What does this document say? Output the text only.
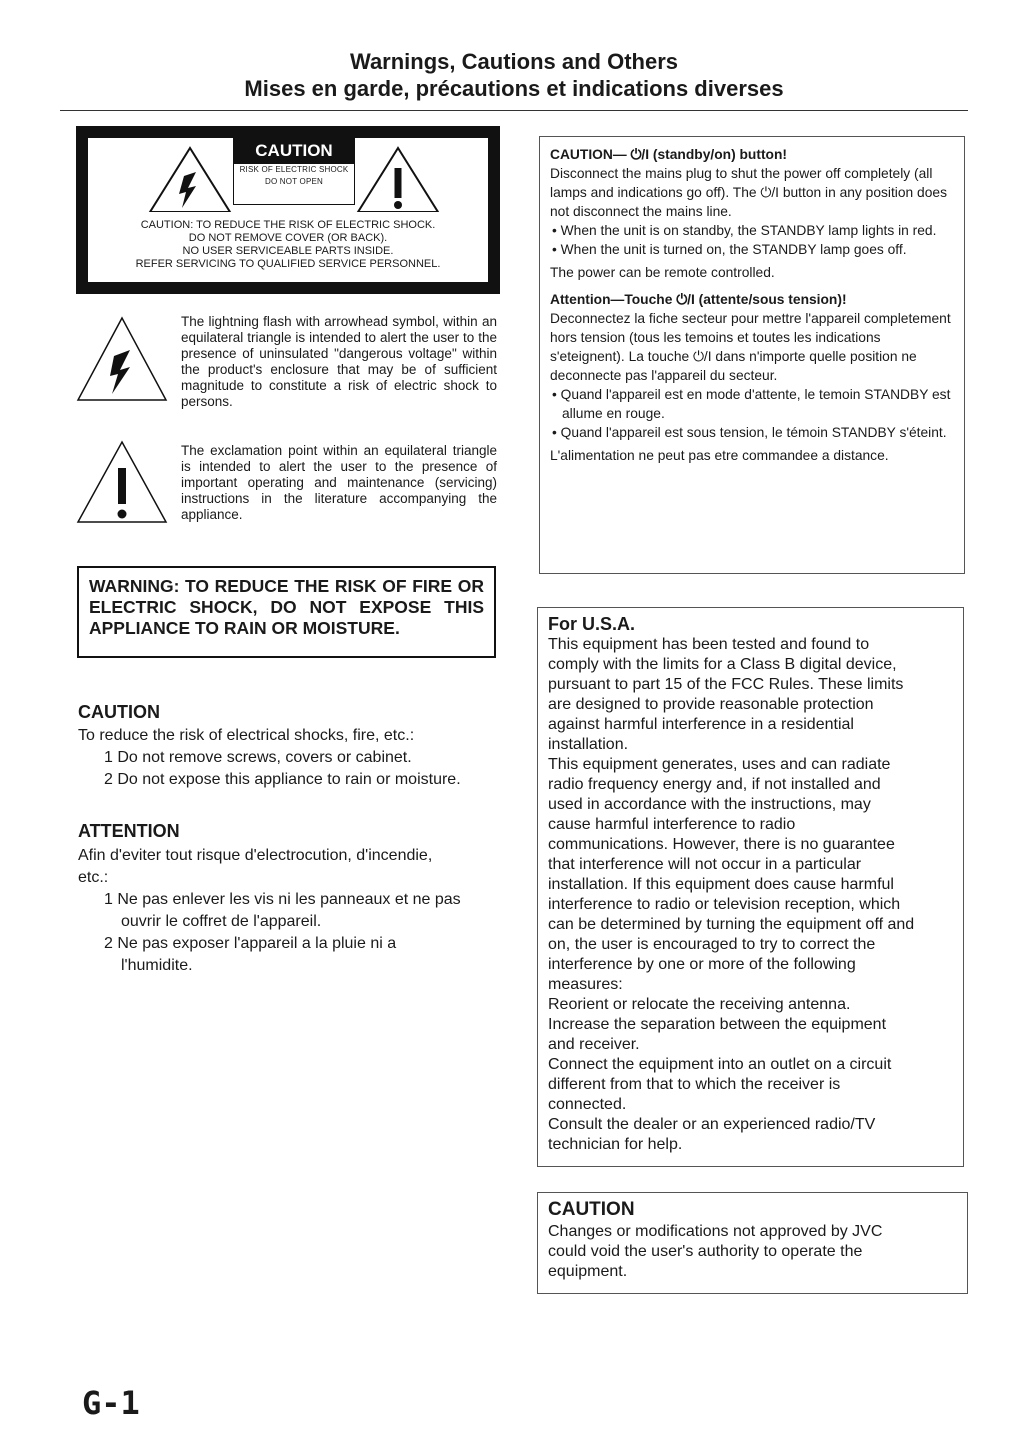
Warnings, Cautions and Others
Mises en garde, précautions et indications diverses
CAUTION
RISK OF ELECTRIC SHOCK
DO NOT OPEN
CAUTION: TO REDUCE THE RISK OF ELECTRIC SHOCK.
DO NOT REMOVE COVER (OR BACK).
NO USER SERVICEABLE PARTS INSIDE.
REFER SERVICING TO QUALIFIED SERVICE PERSONNEL.
The lightning flash with arrowhead symbol, within an equilateral triangle is intended to alert the user to the presence of uninsulated "dangerous voltage" within the product's enclosure that may be of sufficient magnitude to constitute a risk of electric shock to persons.
The exclamation point within an equilateral triangle is intended to alert the user to the presence of important operating and maintenance (servicing) instructions in the literature accompanying the appliance.
WARNING: TO REDUCE THE RISK OF FIRE OR ELECTRIC SHOCK, DO NOT EXPOSE THIS APPLIANCE TO RAIN OR MOISTURE.
CAUTION
To reduce the risk of electrical shocks, fire, etc.:
1 Do not remove screws, covers or cabinet.
2 Do not expose this appliance to rain or moisture.
ATTENTION
Afin d'eviter tout risque d'electrocution, d'incendie,
etc.:
1 Ne pas enlever les vis ni les panneaux et ne pas
ouvrir le coffret de l'appareil.
2 Ne pas exposer l'appareil a la pluie ni a
l'humidite.
CAUTION— ⏻/I (standby/on) button!
Disconnect the mains plug to shut the power off completely (all lamps and indications go off). The ⏻/I button in any position does not disconnect the mains line.
• When the unit is on standby, the STANDBY lamp lights in red.
• When the unit is turned on, the STANDBY lamp goes off.
The power can be remote controlled.
Attention—Touche ⏻/I (attente/sous tension)!
Deconnectez la fiche secteur pour mettre l'appareil completement hors tension (tous les temoins et toutes les indications s'eteignent). La touche ⏻/I dans n'importe quelle position ne deconnecte pas l'appareil du secteur.
• Quand l'appareil est en mode d'attente, le temoin STANDBY est allume en rouge.
• Quand l'appareil est sous tension, le témoin STANDBY s'éteint.
L'alimentation ne peut pas etre commandee a distance.
For U.S.A.
This equipment has been tested and found to
comply with the limits for a Class B digital device,
pursuant to part 15 of the FCC Rules. These limits
are designed to provide reasonable protection
against harmful interference in a residential
installation.
This equipment generates, uses and can radiate
radio frequency energy and, if not installed and
used in accordance with the instructions, may
cause harmful interference to radio
communications. However, there is no guarantee
that interference will not occur in a particular
installation. If this equipment does cause harmful
interference to radio or television reception, which
can be determined by turning the equipment off and
on, the user is encouraged to try to correct the
interference by one or more of the following
measures:
Reorient or relocate the receiving antenna.
Increase the separation between the equipment
and receiver.
Connect the equipment into an outlet on a circuit
different from that to which the receiver is
connected.
Consult the dealer or an experienced radio/TV
technician for help.
CAUTION
Changes or modifications not approved by JVC
could void the user's authority to operate the
equipment.
G-1
